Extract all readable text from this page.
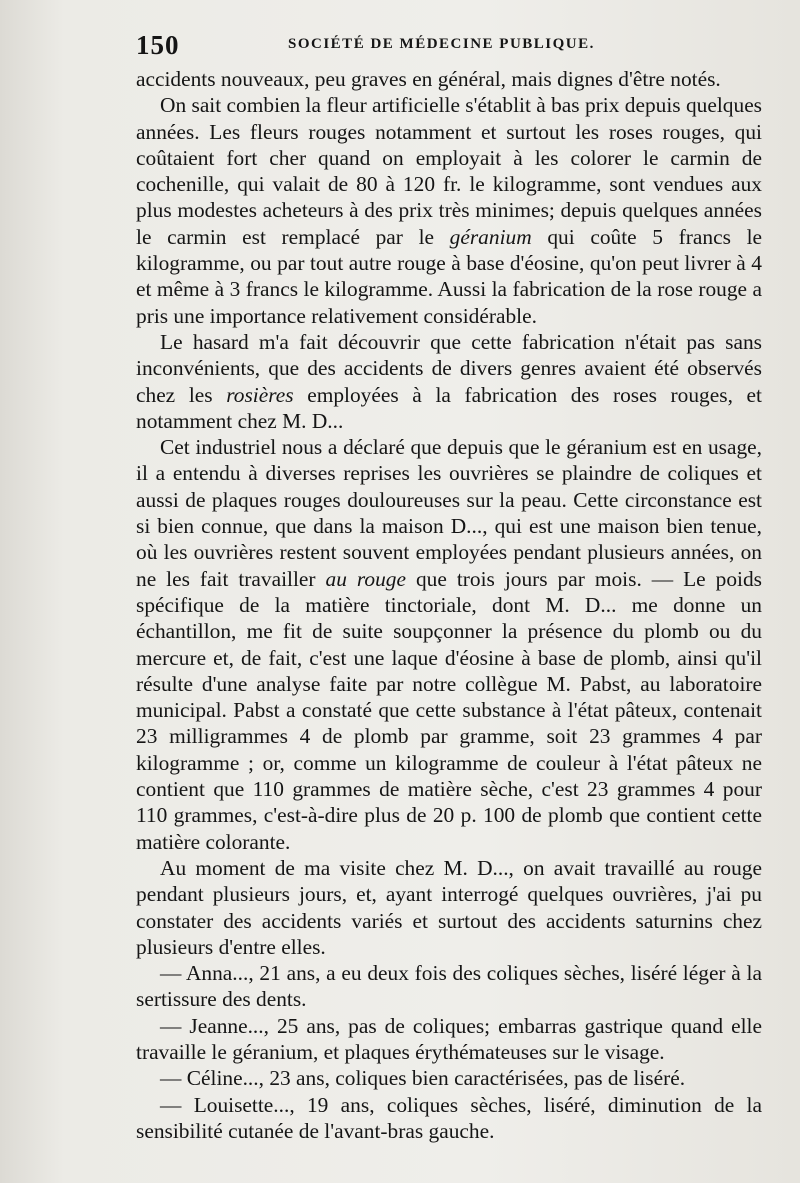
150	SOCIÉTÉ DE MÉDECINE PUBLIQUE.

accidents nouveaux, peu graves en général, mais dignes d'être notés.

On sait combien la fleur artificielle s'établit à bas prix depuis quelques années. Les fleurs rouges notamment et surtout les roses rouges, qui coûtaient fort cher quand on employait à les colorer le carmin de cochenille, qui valait de 80 à 120 fr. le kilogramme, sont vendues aux plus modestes acheteurs à des prix très minimes; depuis quelques années le carmin est remplacé par le géranium qui coûte 5 francs le kilogramme, ou par tout autre rouge à base d'éosine, qu'on peut livrer à 4 et même à 3 francs le kilogramme. Aussi la fabrication de la rose rouge a pris une importance relativement considérable.

Le hasard m'a fait découvrir que cette fabrication n'était pas sans inconvénients, que des accidents de divers genres avaient été observés chez les rosières employées à la fabrication des roses rouges, et notamment chez M. D...

Cet industriel nous a déclaré que depuis que le géranium est en usage, il a entendu à diverses reprises les ouvrières se plaindre de coliques et aussi de plaques rouges douloureuses sur la peau. Cette circonstance est si bien connue, que dans la maison D..., qui est une maison bien tenue, où les ouvrières restent souvent employées pendant plusieurs années, on ne les fait travailler au rouge que trois jours par mois. — Le poids spécifique de la matière tinctoriale, dont M. D... me donne un échantillon, me fit de suite soupçonner la présence du plomb ou du mercure et, de fait, c'est une laque d'éosine à base de plomb, ainsi qu'il résulte d'une analyse faite par notre collègue M. Pabst, au laboratoire municipal. Pabst a constaté que cette substance à l'état pâteux, contenait 23 milligrammes 4 de plomb par gramme, soit 23 grammes 4 par kilogramme ; or, comme un kilogramme de couleur à l'état pâteux ne contient que 110 grammes de matière sèche, c'est 23 grammes 4 pour 110 grammes, c'est-à-dire plus de 20 p. 100 de plomb que contient cette matière colorante.

Au moment de ma visite chez M. D..., on avait travaillé au rouge pendant plusieurs jours, et, ayant interrogé quelques ouvrières, j'ai pu constater des accidents variés et surtout des accidents saturnins chez plusieurs d'entre elles.

— Anna..., 21 ans, a eu deux fois des coliques sèches, liséré léger à la sertissure des dents.

— Jeanne..., 25 ans, pas de coliques; embarras gastrique quand elle travaille le géranium, et plaques érythémateuses sur le visage.

— Céline..., 23 ans, coliques bien caractérisées, pas de liséré.

— Louisette..., 19 ans, coliques sèches, liséré, diminution de la sensibilité cutanée de l'avant-bras gauche.
